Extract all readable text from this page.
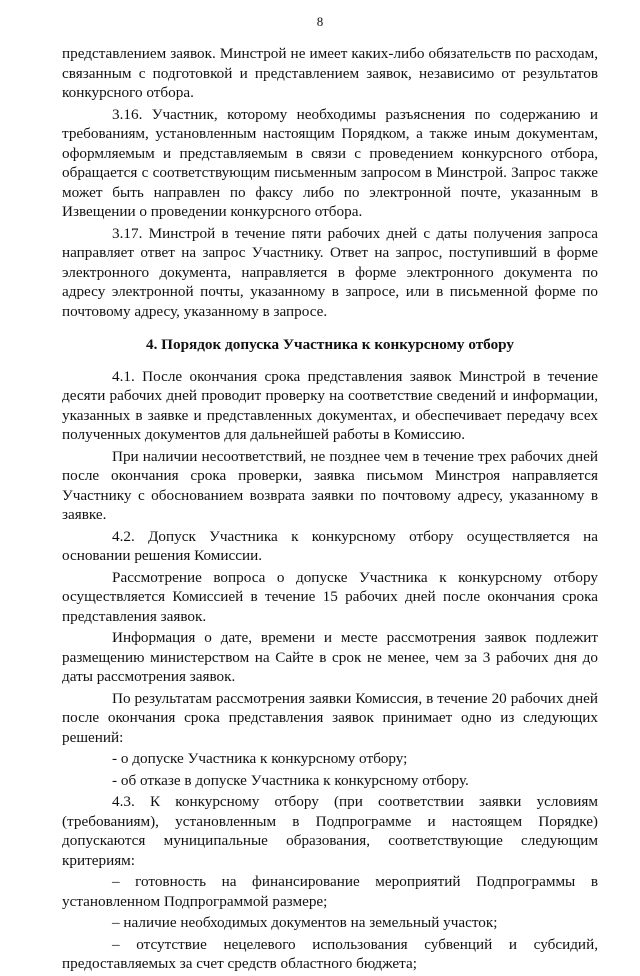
8

представлением заявок. Минстрой не имеет каких-либо обязательств по расходам, связанным с подготовкой и представлением заявок, независимо от результатов конкурсного отбора.

3.16. Участник, которому необходимы разъяснения по содержанию и требованиям, установленным настоящим Порядком, а также иным документам, оформляемым и представляемым в связи с проведением конкурсного отбора, обращается с соответствующим письменным запросом в Минстрой. Запрос также может быть направлен по факсу либо по электронной почте, указанным в Извещении о проведении конкурсного отбора.

3.17. Минстрой в течение пяти рабочих дней с даты получения запроса направляет ответ на запрос Участнику. Ответ на запрос, поступивший в форме электронного документа, направляется в форме электронного документа по адресу электронной почты, указанному в запросе, или в письменной форме по почтовому адресу, указанному в запросе.

4. Порядок допуска Участника к конкурсному отбору

4.1. После окончания срока представления заявок Минстрой в течение десяти рабочих дней проводит проверку на соответствие сведений и информации, указанных в заявке и представленных документах, и обеспечивает передачу всех полученных документов для дальнейшей работы в Комиссию.

При наличии несоответствий, не позднее чем в течение трех рабочих дней после окончания срока проверки, заявка письмом Минстроя направляется Участнику с обоснованием возврата заявки по почтовому адресу, указанному в заявке.

4.2. Допуск Участника к конкурсному отбору осуществляется на основании решения Комиссии.

Рассмотрение вопроса о допуске Участника к конкурсному отбору осуществляется Комиссией в течение 15 рабочих дней после окончания срока представления заявок.

Информация о дате, времени и месте рассмотрения заявок подлежит размещению министерством на Сайте в срок не менее, чем за 3 рабочих дня до даты рассмотрения заявок.

По результатам рассмотрения заявки Комиссия, в течение 20 рабочих дней после окончания срока представления заявок принимает одно из следующих решений:

- о допуске Участника к конкурсному отбору;

- об отказе в допуске Участника к конкурсному отбору.

4.3. К конкурсному отбору (при соответствии заявки условиям (требованиям), установленным в Подпрограмме и настоящем Порядке) допускаются муниципальные образования, соответствующие следующим критериям:

– готовность на финансирование мероприятий Подпрограммы в установленном Подпрограммой размере;

– наличие необходимых документов на земельный участок;

– отсутствие нецелевого использования субвенций и субсидий, предоставляемых за счет средств областного бюджета;
